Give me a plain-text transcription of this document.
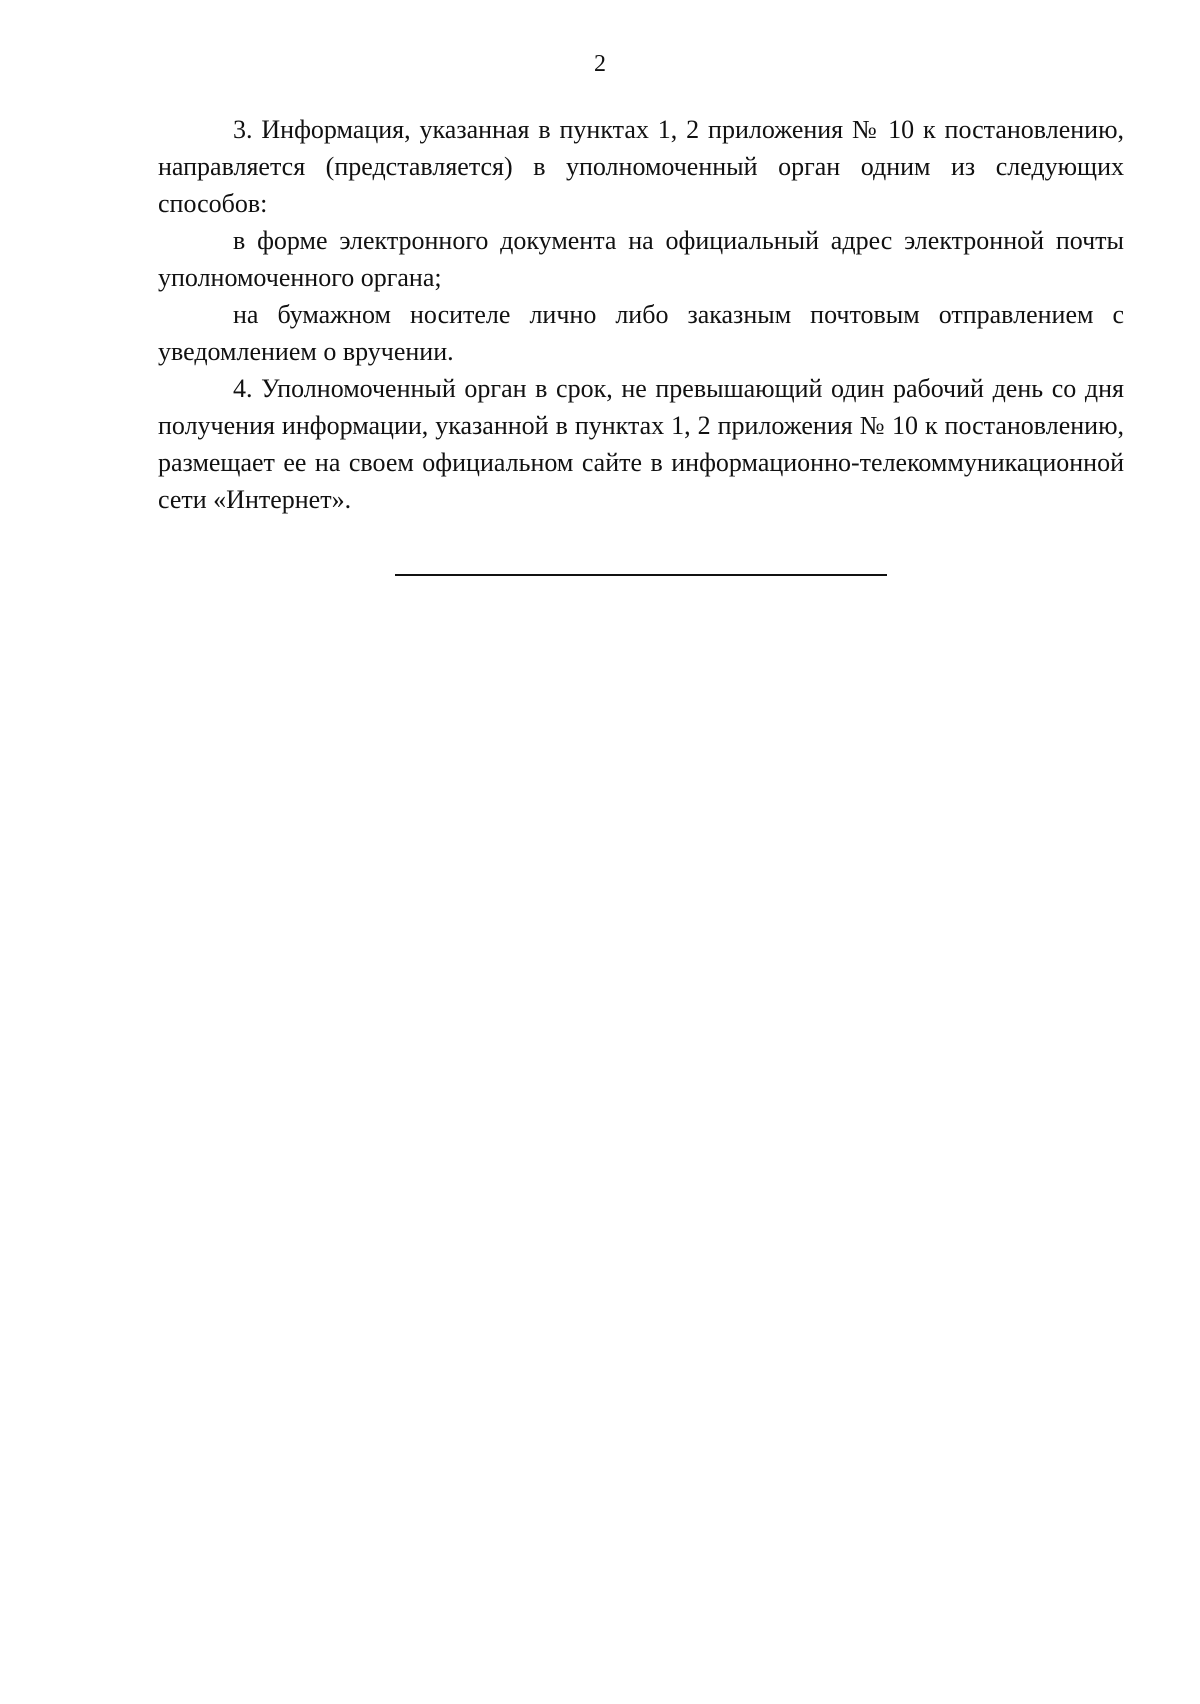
2

3. Информация, указанная в пунктах 1, 2 приложения № 10 к постановлению, направляется (представляется) в уполномоченный орган одним из следующих способов:

в форме электронного документа на официальный адрес электронной почты уполномоченного органа;

на бумажном носителе лично либо заказным почтовым отправлением с уведомлением о вручении.

4. Уполномоченный орган в срок, не превышающий один рабочий день со дня получения информации, указанной в пунктах 1, 2 приложения № 10 к постановлению, размещает ее на своем официальном сайте в информационно-телекоммуникационной сети «Интернет».
